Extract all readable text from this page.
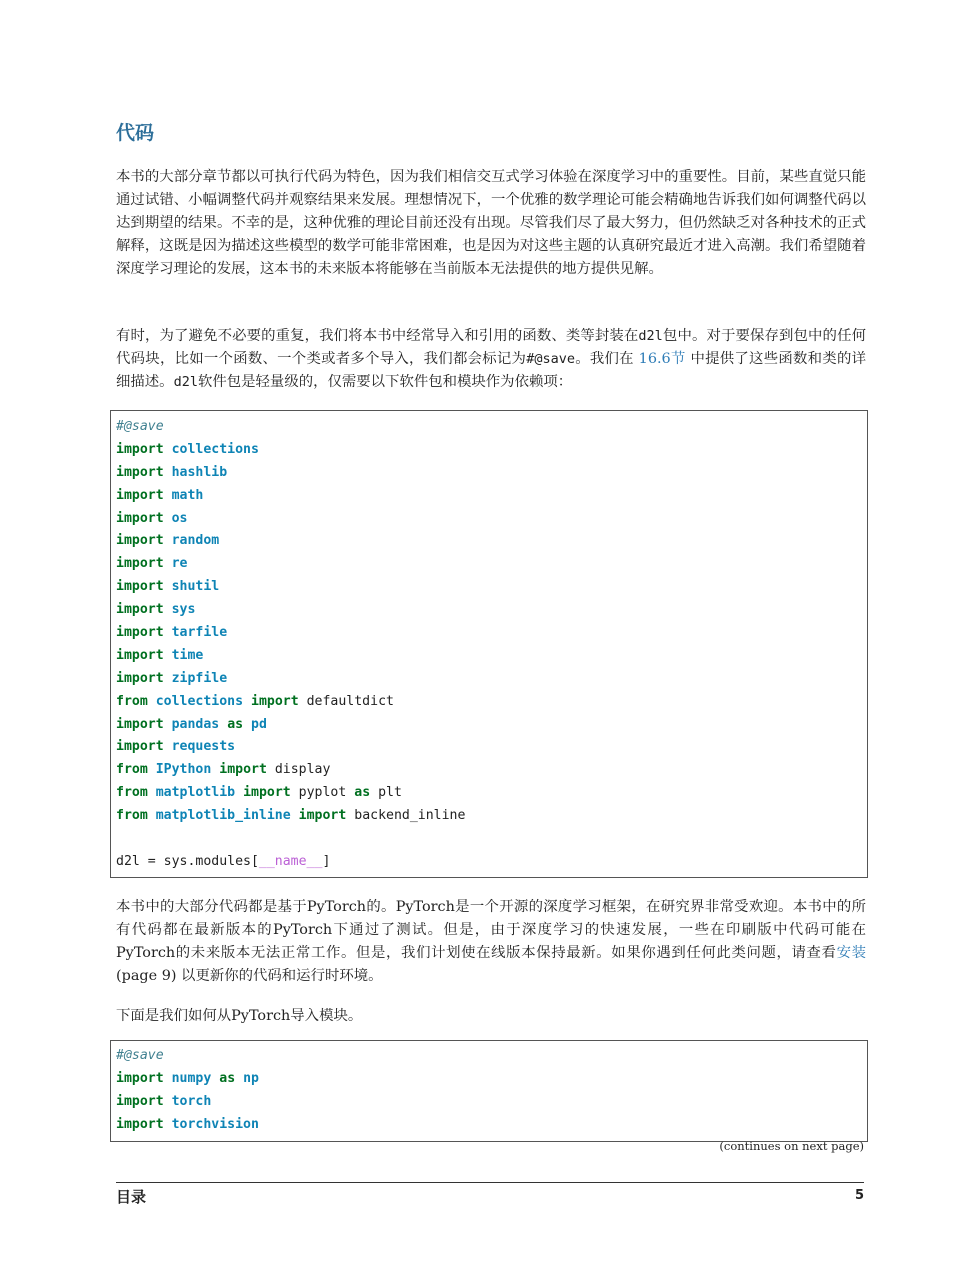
代码

本书的大部分章节都以可执行代码为特色，因为我们相信交互式学习体验在深度学习中的重要性。目前，某些直觉只能通过试错、小幅调整代码并观察结果来发展。理想情况下，一个优雅的数学理论可能会精确地告诉我们如何调整代码以达到期望的结果。不幸的是，这种优雅的理论目前还没有出现。尽管我们尽了最大努力，但仍然缺乏对各种技术的正式解释，这既是因为描述这些模型的数学可能非常困难，也是因为对这些主题的认真研究最近才进入高潮。我们希望随着深度学习理论的发展，这本书的未来版本将能够在当前版本无法提供的地方提供见解。

有时，为了避免不必要的重复，我们将本书中经常导入和引用的函数、类等封装在d2l包中。对于要保存到包中的任何代码块，比如一个函数、一个类或者多个导入，我们都会标记为#@save。我们在 16.6节 中提供了这些函数和类的详细描述。d2l软件包是轻量级的，仅需要以下软件包和模块作为依赖项：

#@save
import collections
import hashlib
import math
import os
import random
import re
import shutil
import sys
import tarfile
import time
import zipfile
from collections import defaultdict
import pandas as pd
import requests
from IPython import display
from matplotlib import pyplot as plt
from matplotlib_inline import backend_inline
d2l = sys.modules[__name__]

本书中的大部分代码都是基于PyTorch的。PyTorch是一个开源的深度学习框架，在研究界非常受欢迎。本书中的所有代码都在最新版本的PyTorch下通过了测试。但是，由于深度学习的快速发展，一些在印刷版中代码可能在PyTorch的未来版本无法正常工作。但是，我们计划使在线版本保持最新。如果你遇到任何此类问题，请查看安装 (page 9) 以更新你的代码和运行时环境。

下面是我们如何从PyTorch导入模块。

#@save
import numpy as np
import torch
import torchvision
(continues on next page)
目录	5
